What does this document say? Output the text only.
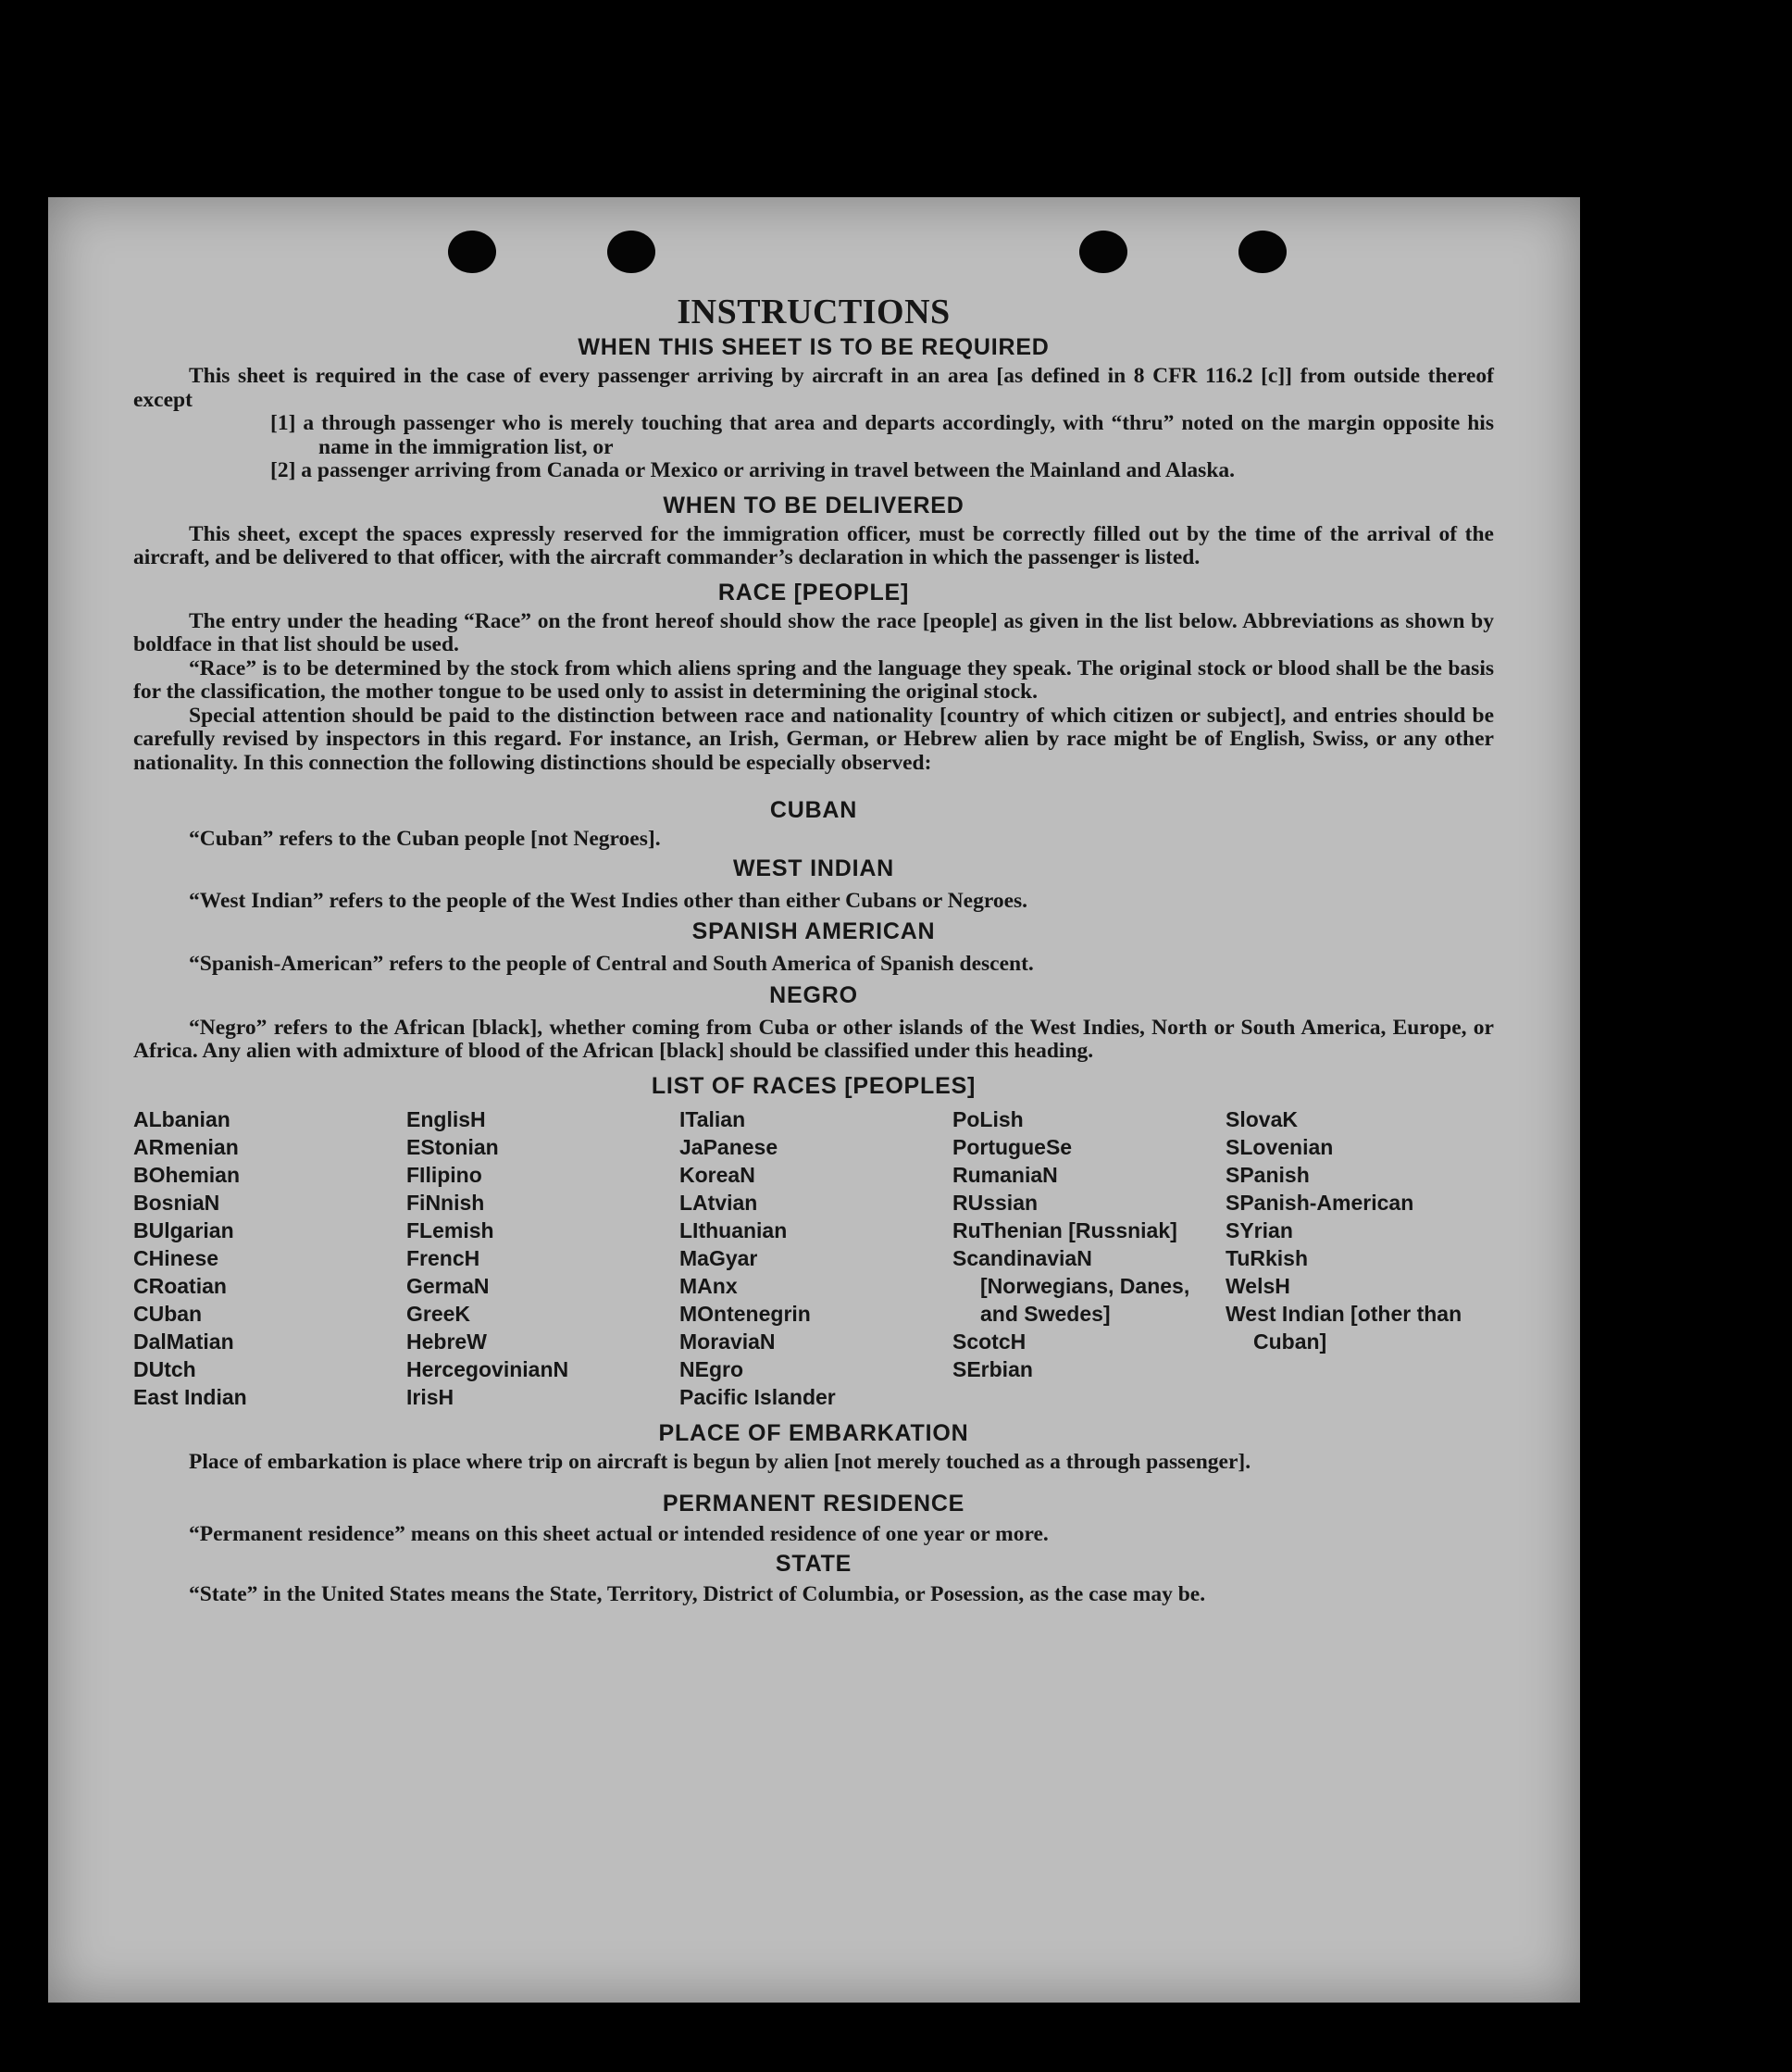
INSTRUCTIONS
WHEN THIS SHEET IS TO BE REQUIRED

This sheet is required in the case of every passenger arriving by aircraft in an area [as defined in 8 CFR 116.2 [c]] from outside thereof except

[1] a through passenger who is merely touching that area and departs accordingly, with “thru” noted on the margin opposite his name in the immigration list, or

[2] a passenger arriving from Canada or Mexico or arriving in travel between the Mainland and Alaska.

WHEN TO BE DELIVERED

This sheet, except the spaces expressly reserved for the immigration officer, must be correctly filled out by the time of the arrival of the aircraft, and be delivered to that officer, with the aircraft commander’s declaration in which the passenger is listed.

RACE [PEOPLE]

The entry under the heading “Race” on the front hereof should show the race [people] as given in the list below. Abbreviations as shown by boldface in that list should be used.

“Race” is to be determined by the stock from which aliens spring and the language they speak. The original stock or blood shall be the basis for the classification, the mother tongue to be used only to assist in determining the original stock.

Special attention should be paid to the distinction between race and nationality [country of which citizen or subject], and entries should be carefully revised by inspectors in this regard. For instance, an Irish, German, or Hebrew alien by race might be of English, Swiss, or any other nationality. In this connection the following distinctions should be especially observed:

CUBAN

“Cuban” refers to the Cuban people [not Negroes].

WEST INDIAN

“West Indian” refers to the people of the West Indies other than either Cubans or Negroes.

SPANISH AMERICAN

“Spanish-American” refers to the people of Central and South America of Spanish descent.

NEGRO

“Negro” refers to the African [black], whether coming from Cuba or other islands of the West Indies, North or South America, Europe, or Africa. Any alien with admixture of blood of the African [black] should be classified under this heading.

LIST OF RACES [PEOPLES]
ALbanian
ARmenian
BOhemian
BosniaN
BUlgarian
CHinese
CRoatian
CUban
DalMatian
DUtch
East Indian
EnglisH
EStonian
FIlipino
FiNnish
FLemish
FrencH
GermaN
GreeK
HebreW
HercegovinianN
IrisH
ITalian
JaPanese
KoreaN
LAtvian
LIthuanian
MaGyar
MAnx
MOntenegrin
MoraviaN
NEgro
Pacific Islander
PoLish
PortugueSe
RumaniaN
RUssian
RuThenian [Russniak]
ScandinaviaN [Norwegians, Danes, and Swedes]
ScotcH
SErbian
SlovaK
SLovenian
SPanish
SPanish-American
SYrian
TuRkish
WelsH
West Indian [other than Cuban]
PLACE OF EMBARKATION

Place of embarkation is place where trip on aircraft is begun by alien [not merely touched as a through passenger].

PERMANENT RESIDENCE

“Permanent residence” means on this sheet actual or intended residence of one year or more.

STATE

“State” in the United States means the State, Territory, District of Columbia, or Posession, as the case may be.
